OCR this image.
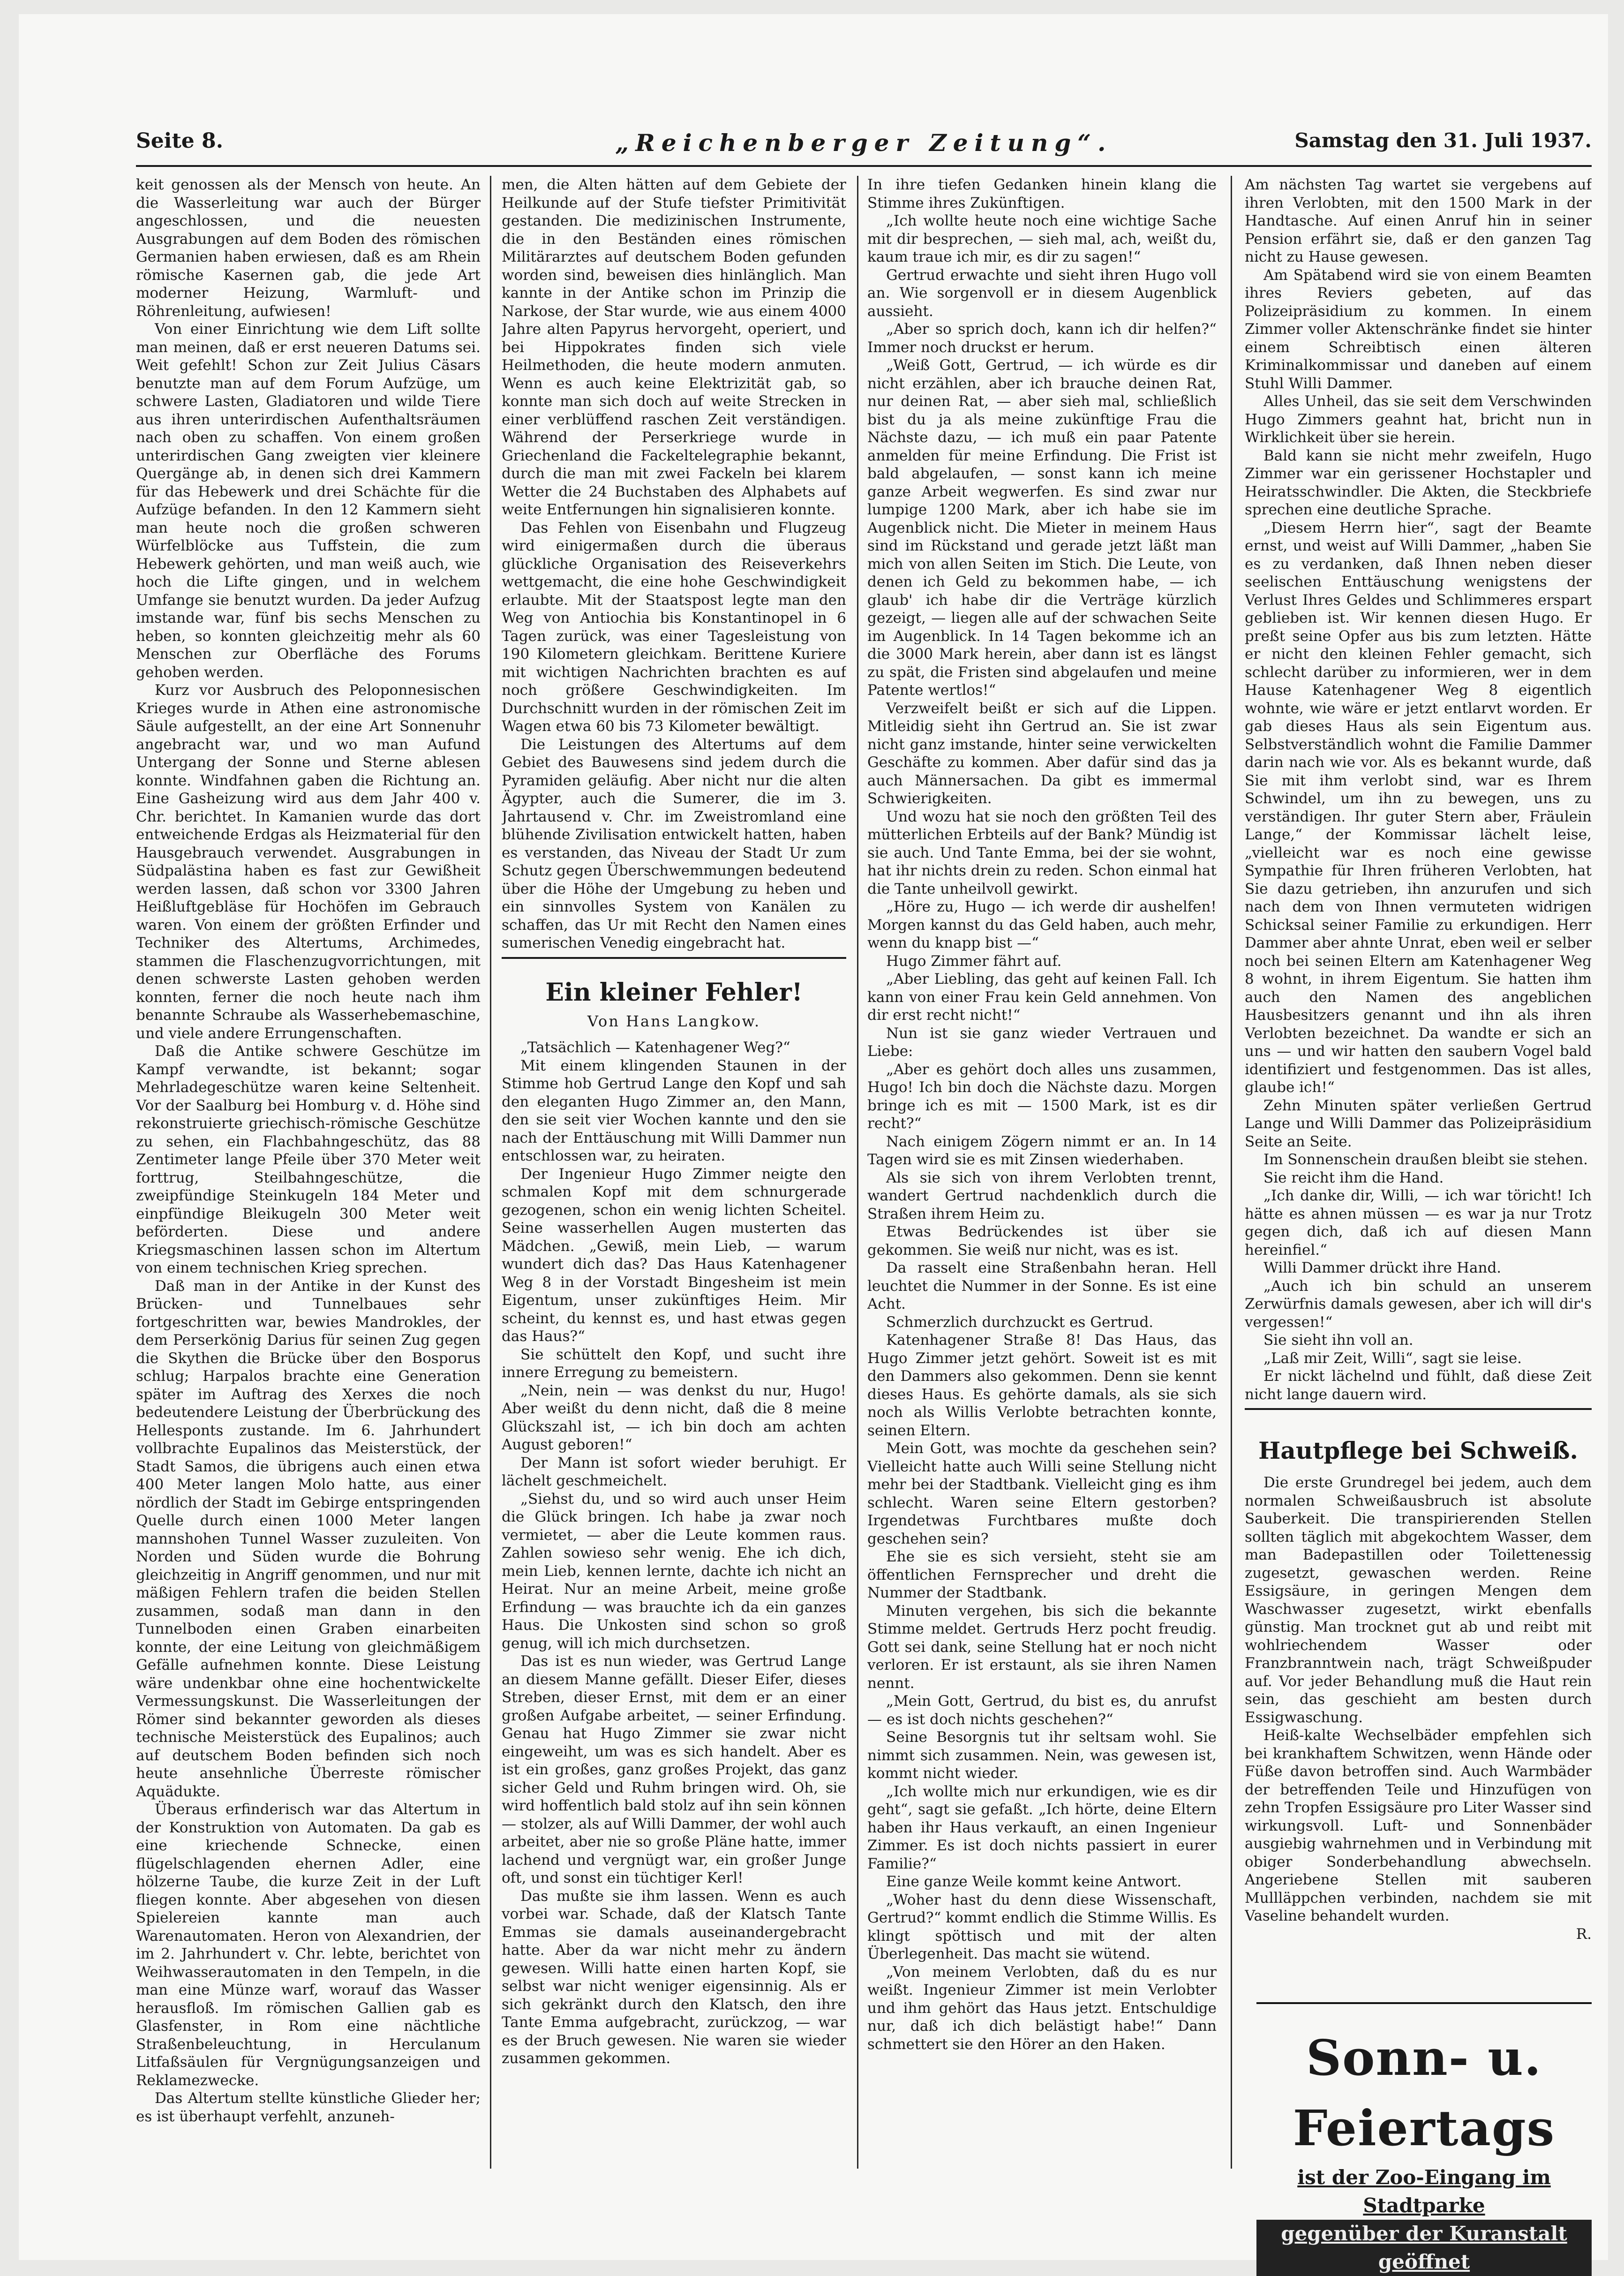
Seite 8.	„Reichenberger Zeitung“.	Samstag den 31. Juli 1937.

keit genossen als der Mensch von heute. An die Wasserleitung war auch der Bürger angeschlossen, und die neuesten Ausgrabungen auf dem Boden des römischen Germanien haben erwiesen, daß es am Rhein römische Kasernen gab, die jede Art moderner Heizung, Warmluft- und Röhrenleitung, aufwiesen!

Von einer Einrichtung wie dem Lift sollte man meinen, daß er erst neueren Datums sei. Weit gefehlt! Schon zur Zeit Julius Cäsars benutzte man auf dem Forum Aufzüge, um schwere Lasten, Gladiatoren und wilde Tiere aus ihren unterirdischen Aufenthaltsräumen nach oben zu schaffen. Von einem großen unterirdischen Gang zweigten vier kleinere Quergänge ab, in denen sich drei Kammern für das Hebewerk und drei Schächte für die Aufzüge befanden. In den 12 Kammern sieht man heute noch die großen schweren Würfelblöcke aus Tuffstein, die zum Hebewerk gehörten, und man weiß auch, wie hoch die Lifte gingen, und in welchem Umfange sie benutzt wurden. Da jeder Aufzug imstande war, fünf bis sechs Menschen zu heben, so konnten gleichzeitig mehr als 60 Menschen zur Oberfläche des Forums gehoben werden.

Kurz vor Ausbruch des Peloponnesischen Krieges wurde in Athen eine astronomische Säule aufgestellt, an der eine Art Sonnenuhr angebracht war, und wo man Aufund Untergang der Sonne und Sterne ablesen konnte. Windfahnen gaben die Richtung an. Eine Gasheizung wird aus dem Jahr 400 v. Chr. berichtet. In Kamanien wurde das dort entweichende Erdgas als Heizmaterial für den Hausgebrauch verwendet. Ausgrabungen in Südpalästina haben es fast zur Gewißheit werden lassen, daß schon vor 3300 Jahren Heißluftgebläse für Hochöfen im Gebrauch waren. Von einem der größten Erfinder und Techniker des Altertums, Archimedes, stammen die Flaschenzugvorrichtungen, mit denen schwerste Lasten gehoben werden konnten, ferner die noch heute nach ihm benannte Schraube als Wasserhebemaschine, und viele andere Errungenschaften.

Daß die Antike schwere Geschütze im Kampf verwandte, ist bekannt; sogar Mehrladegeschütze waren keine Seltenheit. Vor der Saalburg bei Homburg v. d. Höhe sind rekonstruierte griechisch-römische Geschütze zu sehen, ein Flachbahngeschütz, das 88 Zentimeter lange Pfeile über 370 Meter weit forttrug, Steilbahngeschütze, die zweipfündige Steinkugeln 184 Meter und einpfündige Bleikugeln 300 Meter weit beförderten. Diese und andere Kriegsmaschinen lassen schon im Altertum von einem technischen Krieg sprechen.

Daß man in der Antike in der Kunst des Brücken- und Tunnelbaues sehr fortgeschritten war, bewies Mandrokles, der dem Perserkönig Darius für seinen Zug gegen die Skythen die Brücke über den Bosporus schlug; Harpalos brachte eine Generation später im Auftrag des Xerxes die noch bedeutendere Leistung der Überbrückung des Hellesponts zustande. Im 6. Jahrhundert vollbrachte Eupalinos das Meisterstück, der Stadt Samos, die übrigens auch einen etwa 400 Meter langen Molo hatte, aus einer nördlich der Stadt im Gebirge entspringenden Quelle durch einen 1000 Meter langen mannshohen Tunnel Wasser zuzuleiten. Von Norden und Süden wurde die Bohrung gleichzeitig in Angriff genommen, und nur mit mäßigen Fehlern trafen die beiden Stellen zusammen, sodaß man dann in den Tunnelboden einen Graben einarbeiten konnte, der eine Leitung von gleichmäßigem Gefälle aufnehmen konnte. Diese Leistung wäre undenkbar ohne eine hochentwickelte Vermessungskunst. Die Wasserleitungen der Römer sind bekannter geworden als dieses technische Meisterstück des Eupalinos; auch auf deutschem Boden befinden sich noch heute ansehnliche Überreste römischer Aquädukte.

Überaus erfinderisch war das Altertum in der Konstruktion von Automaten. Da gab es eine kriechende Schnecke, einen flügelschlagenden ehernen Adler, eine hölzerne Taube, die kurze Zeit in der Luft fliegen konnte. Aber abgesehen von diesen Spielereien kannte man auch Warenautomaten. Heron von Alexandrien, der im 2. Jahrhundert v. Chr. lebte, berichtet von Weihwasserautomaten in den Tempeln, in die man eine Münze warf, worauf das Wasser herausfloß. Im römischen Gallien gab es Glasfenster, in Rom eine nächtliche Straßenbeleuchtung, in Herculanum Litfaßsäulen für Vergnügungsanzeigen und Reklamezwecke.

Das Altertum stellte künstliche Glieder her; es ist überhaupt verfehlt, anzuneh-

men, die Alten hätten auf dem Gebiete der Heilkunde auf der Stufe tiefster Primitivität gestanden. Die medizinischen Instrumente, die in den Beständen eines römischen Militärarztes auf deutschem Boden gefunden worden sind, beweisen dies hinlänglich. Man kannte in der Antike schon im Prinzip die Narkose, der Star wurde, wie aus einem 4000 Jahre alten Papyrus hervorgeht, operiert, und bei Hippokrates finden sich viele Heilmethoden, die heute modern anmuten. Wenn es auch keine Elektrizität gab, so konnte man sich doch auf weite Strecken in einer verblüffend raschen Zeit verständigen. Während der Perserkriege wurde in Griechenland die Fackeltelegraphie bekannt, durch die man mit zwei Fackeln bei klarem Wetter die 24 Buchstaben des Alphabets auf weite Entfernungen hin signalisieren konnte.

Das Fehlen von Eisenbahn und Flugzeug wird einigermaßen durch die überaus glückliche Organisation des Reiseverkehrs wettgemacht, die eine hohe Geschwindigkeit erlaubte. Mit der Staatspost legte man den Weg von Antiochia bis Konstantinopel in 6 Tagen zurück, was einer Tagesleistung von 190 Kilometern gleichkam. Berittene Kuriere mit wichtigen Nachrichten brachten es auf noch größere Geschwindigkeiten. Im Durchschnitt wurden in der römischen Zeit im Wagen etwa 60 bis 73 Kilometer bewältigt.

Die Leistungen des Altertums auf dem Gebiet des Bauwesens sind jedem durch die Pyramiden geläufig. Aber nicht nur die alten Ägypter, auch die Sumerer, die im 3. Jahrtausend v. Chr. im Zweistromland eine blühende Zivilisation entwickelt hatten, haben es verstanden, das Niveau der Stadt Ur zum Schutz gegen Überschwemmungen bedeutend über die Höhe der Umgebung zu heben und ein sinnvolles System von Kanälen zu schaffen, das Ur mit Recht den Namen eines sumerischen Venedig eingebracht hat.

Ein kleiner Fehler!
Von Hans Langkow.

„Tatsächlich — Katenhagener Weg?“

Mit einem klingenden Staunen in der Stimme hob Gertrud Lange den Kopf und sah den eleganten Hugo Zimmer an, den Mann, den sie seit vier Wochen kannte und den sie nach der Enttäuschung mit Willi Dammer nun entschlossen war, zu heiraten.

Der Ingenieur Hugo Zimmer neigte den schmalen Kopf mit dem schnurgerade gezogenen, schon ein wenig lichten Scheitel. Seine wasserhellen Augen musterten das Mädchen. „Gewiß, mein Lieb, — warum wundert dich das? Das Haus Katenhagener Weg 8 in der Vorstadt Bingesheim ist mein Eigentum, unser zukünftiges Heim. Mir scheint, du kennst es, und hast etwas gegen das Haus?“

Sie schüttelt den Kopf, und sucht ihre innere Erregung zu bemeistern.

„Nein, nein — was denkst du nur, Hugo! Aber weißt du denn nicht, daß die 8 meine Glückszahl ist, — ich bin doch am achten August geboren!“

Der Mann ist sofort wieder beruhigt. Er lächelt geschmeichelt.

„Siehst du, und so wird auch unser Heim die Glück bringen. Ich habe ja zwar noch vermietet, — aber die Leute kommen raus. Zahlen sowieso sehr wenig. Ehe ich dich, mein Lieb, kennen lernte, dachte ich nicht an Heirat. Nur an meine Arbeit, meine große Erfindung — was brauchte ich da ein ganzes Haus. Die Unkosten sind schon so groß genug, will ich mich durchsetzen.

Das ist es nun wieder, was Gertrud Lange an diesem Manne gefällt. Dieser Eifer, dieses Streben, dieser Ernst, mit dem er an einer großen Aufgabe arbeitet, — seiner Erfindung. Genau hat Hugo Zimmer sie zwar nicht eingeweiht, um was es sich handelt. Aber es ist ein großes, ganz großes Projekt, das ganz sicher Geld und Ruhm bringen wird. Oh, sie wird hoffentlich bald stolz auf ihn sein können — stolzer, als auf Willi Dammer, der wohl auch arbeitet, aber nie so große Pläne hatte, immer lachend und vergnügt war, ein großer Junge oft, und sonst ein tüchtiger Kerl!

Das mußte sie ihm lassen. Wenn es auch vorbei war. Schade, daß der Klatsch Tante Emmas sie damals auseinandergebracht hatte. Aber da war nicht mehr zu ändern gewesen. Willi hatte einen harten Kopf, sie selbst war nicht weniger eigensinnig. Als er sich gekränkt durch den Klatsch, den ihre Tante Emma aufgebracht, zurückzog, — war es der Bruch gewesen. Nie waren sie wieder zusammen gekommen.

In ihre tiefen Gedanken hinein klang die Stimme ihres Zukünftigen.

„Ich wollte heute noch eine wichtige Sache mit dir besprechen, — sieh mal, ach, weißt du, kaum traue ich mir, es dir zu sagen!“

Gertrud erwachte und sieht ihren Hugo voll an. Wie sorgenvoll er in diesem Augenblick aussieht.

„Aber so sprich doch, kann ich dir helfen?“ Immer noch druckst er herum.

„Weiß Gott, Gertrud, — ich würde es dir nicht erzählen, aber ich brauche deinen Rat, nur deinen Rat, — aber sieh mal, schließlich bist du ja als meine zukünftige Frau die Nächste dazu, — ich muß ein paar Patente anmelden für meine Erfindung. Die Frist ist bald abgelaufen, — sonst kann ich meine ganze Arbeit wegwerfen. Es sind zwar nur lumpige 1200 Mark, aber ich habe sie im Augenblick nicht. Die Mieter in meinem Haus sind im Rückstand und gerade jetzt läßt man mich von allen Seiten im Stich. Die Leute, von denen ich Geld zu bekommen habe, — ich glaub' ich habe dir die Verträge kürzlich gezeigt, — liegen alle auf der schwachen Seite im Augenblick. In 14 Tagen bekomme ich an die 3000 Mark herein, aber dann ist es längst zu spät, die Fristen sind abgelaufen und meine Patente wertlos!“

Verzweifelt beißt er sich auf die Lippen. Mitleidig sieht ihn Gertrud an. Sie ist zwar nicht ganz imstande, hinter seine verwickelten Geschäfte zu kommen. Aber dafür sind das ja auch Männersachen. Da gibt es immermal Schwierigkeiten.

Und wozu hat sie noch den größten Teil des mütterlichen Erbteils auf der Bank? Mündig ist sie auch. Und Tante Emma, bei der sie wohnt, hat ihr nichts drein zu reden. Schon einmal hat die Tante unheilvoll gewirkt.

„Höre zu, Hugo — ich werde dir aushelfen! Morgen kannst du das Geld haben, auch mehr, wenn du knapp bist —“

Hugo Zimmer fährt auf.

„Aber Liebling, das geht auf keinen Fall. Ich kann von einer Frau kein Geld annehmen. Von dir erst recht nicht!“

Nun ist sie ganz wieder Vertrauen und Liebe:

„Aber es gehört doch alles uns zusammen, Hugo! Ich bin doch die Nächste dazu. Morgen bringe ich es mit — 1500 Mark, ist es dir recht?“

Nach einigem Zögern nimmt er an. In 14 Tagen wird sie es mit Zinsen wiederhaben.

Als sie sich von ihrem Verlobten trennt, wandert Gertrud nachdenklich durch die Straßen ihrem Heim zu.

Etwas Bedrückendes ist über sie gekommen. Sie weiß nur nicht, was es ist.

Da rasselt eine Straßenbahn heran. Hell leuchtet die Nummer in der Sonne. Es ist eine Acht.

Schmerzlich durchzuckt es Gertrud.

Katenhagener Straße 8! Das Haus, das Hugo Zimmer jetzt gehört. Soweit ist es mit den Dammers also gekommen. Denn sie kennt dieses Haus. Es gehörte damals, als sie sich noch als Willis Verlobte betrachten konnte, seinen Eltern.

Mein Gott, was mochte da geschehen sein? Vielleicht hatte auch Willi seine Stellung nicht mehr bei der Stadtbank. Vielleicht ging es ihm schlecht. Waren seine Eltern gestorben? Irgendetwas Furchtbares mußte doch geschehen sein?

Ehe sie es sich versieht, steht sie am öffentlichen Fernsprecher und dreht die Nummer der Stadtbank.

Minuten vergehen, bis sich die bekannte Stimme meldet. Gertruds Herz pocht freudig. Gott sei dank, seine Stellung hat er noch nicht verloren. Er ist erstaunt, als sie ihren Namen nennt.

„Mein Gott, Gertrud, du bist es, du anrufst — es ist doch nichts geschehen?“

Seine Besorgnis tut ihr seltsam wohl. Sie nimmt sich zusammen. Nein, was gewesen ist, kommt nicht wieder.

„Ich wollte mich nur erkundigen, wie es dir geht“, sagt sie gefaßt. „Ich hörte, deine Eltern haben ihr Haus verkauft, an einen Ingenieur Zimmer. Es ist doch nichts passiert in eurer Familie?“

Eine ganze Weile kommt keine Antwort.

„Woher hast du denn diese Wissenschaft, Gertrud?“ kommt endlich die Stimme Willis. Es klingt spöttisch und mit der alten Überlegenheit. Das macht sie wütend.

„Von meinem Verlobten, daß du es nur weißt. Ingenieur Zimmer ist mein Verlobter und ihm gehört das Haus jetzt. Entschuldige nur, daß ich dich belästigt habe!“ Dann schmettert sie den Hörer an den Haken.

Am nächsten Tag wartet sie vergebens auf ihren Verlobten, mit den 1500 Mark in der Handtasche. Auf einen Anruf hin in seiner Pension erfährt sie, daß er den ganzen Tag nicht zu Hause gewesen.

Am Spätabend wird sie von einem Beamten ihres Reviers gebeten, auf das Polizeipräsidium zu kommen. In einem Zimmer voller Aktenschränke findet sie hinter einem Schreibtisch einen älteren Kriminalkommissar und daneben auf einem Stuhl Willi Dammer.

Alles Unheil, das sie seit dem Verschwinden Hugo Zimmers geahnt hat, bricht nun in Wirklichkeit über sie herein.

Bald kann sie nicht mehr zweifeln, Hugo Zimmer war ein gerissener Hochstapler und Heiratsschwindler. Die Akten, die Steckbriefe sprechen eine deutliche Sprache.

„Diesem Herrn hier“, sagt der Beamte ernst, und weist auf Willi Dammer, „haben Sie es zu verdanken, daß Ihnen neben dieser seelischen Enttäuschung wenigstens der Verlust Ihres Geldes und Schlimmeres erspart geblieben ist. Wir kennen diesen Hugo. Er preßt seine Opfer aus bis zum letzten. Hätte er nicht den kleinen Fehler gemacht, sich schlecht darüber zu informieren, wer in dem Hause Katenhagener Weg 8 eigentlich wohnte, wie wäre er jetzt entlarvt worden. Er gab dieses Haus als sein Eigentum aus. Selbstverständlich wohnt die Familie Dammer darin nach wie vor. Als es bekannt wurde, daß Sie mit ihm verlobt sind, war es Ihrem Schwindel, um ihn zu bewegen, uns zu verständigen. Ihr guter Stern aber, Fräulein Lange,“ der Kommissar lächelt leise, „vielleicht war es noch eine gewisse Sympathie für Ihren früheren Verlobten, hat Sie dazu getrieben, ihn anzurufen und sich nach dem von Ihnen vermuteten widrigen Schicksal seiner Familie zu erkundigen. Herr Dammer aber ahnte Unrat, eben weil er selber noch bei seinen Eltern am Katenhagener Weg 8 wohnt, in ihrem Eigentum. Sie hatten ihm auch den Namen des angeblichen Hausbesitzers genannt und ihn als ihren Verlobten bezeichnet. Da wandte er sich an uns — und wir hatten den saubern Vogel bald identifiziert und festgenommen. Das ist alles, glaube ich!“

Zehn Minuten später verließen Gertrud Lange und Willi Dammer das Polizeipräsidium Seite an Seite.

Im Sonnenschein draußen bleibt sie stehen.

Sie reicht ihm die Hand.

„Ich danke dir, Willi, — ich war töricht! Ich hätte es ahnen müssen — es war ja nur Trotz gegen dich, daß ich auf diesen Mann hereinfiel.“

Willi Dammer drückt ihre Hand.

„Auch ich bin schuld an unserem Zerwürfnis damals gewesen, aber ich will dir's vergessen!“

Sie sieht ihn voll an.

„Laß mir Zeit, Willi“, sagt sie leise.

Er nickt lächelnd und fühlt, daß diese Zeit nicht lange dauern wird.

Hautpflege bei Schweiß.

Die erste Grundregel bei jedem, auch dem normalen Schweißausbruch ist absolute Sauberkeit. Die transpirierenden Stellen sollten täglich mit abgekochtem Wasser, dem man Badepastillen oder Toilettenessig zugesetzt, gewaschen werden. Reine Essigsäure, in geringen Mengen dem Waschwasser zugesetzt, wirkt ebenfalls günstig. Man trocknet gut ab und reibt mit wohlriechendem Wasser oder Franzbranntwein nach, trägt Schweißpuder auf. Vor jeder Behandlung muß die Haut rein sein, das geschieht am besten durch Essigwaschung.

Heiß-kalte Wechselbäder empfehlen sich bei krankhaftem Schwitzen, wenn Hände oder Füße davon betroffen sind. Auch Warmbäder der betreffenden Teile und Hinzufügen von zehn Tropfen Essigsäure pro Liter Wasser sind wirkungsvoll. Luft- und Sonnenbäder ausgiebig wahrnehmen und in Verbindung mit obiger Sonderbehandlung abwechseln. Angeriebene Stellen mit sauberen Mullläppchen verbinden, nachdem sie mit Vaseline behandelt wurden.

R.

Sonn- u. Feiertags
ist der Zoo-Eingang im Stadtparke
gegenüber der Kuranstalt geöffnet
